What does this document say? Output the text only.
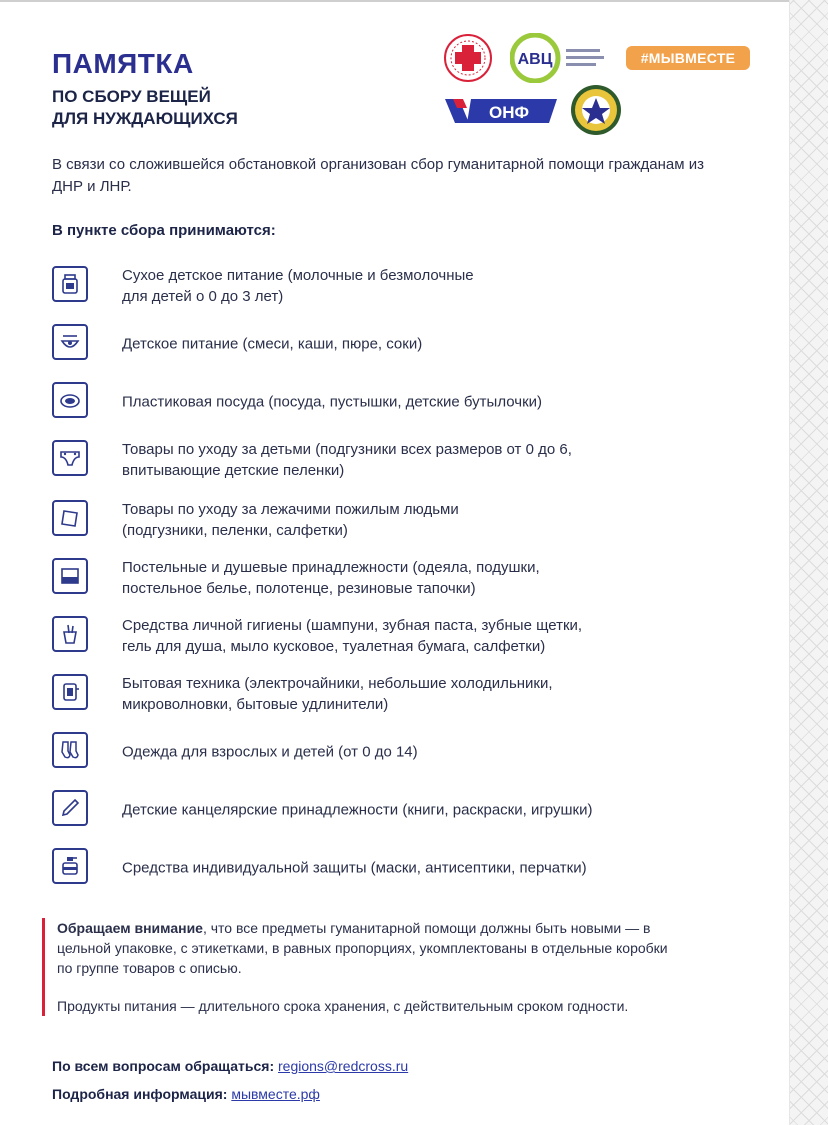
ПАМЯТКА
ПО СБОРУ ВЕЩЕЙ
ДЛЯ НУЖДАЮЩИХСЯ
АВЦ	#МЫВМЕСТЕ
ОНФ

В связи со сложившейся обстановкой организован сбор гуманитарной помощи гражданам из ДНР и ЛНР.

В пункте сбора принимаются:
Сухое детское питание (молочные и безмолочные
для детей о 0 до 3 лет)
Детское питание (смеси, каши, пюре, соки)
Пластиковая посуда (посуда, пустышки, детские бутылочки)
Товары по уходу за детьми (подгузники всех размеров от 0 до 6,
впитывающие детские пеленки)
Товары по уходу за лежачими пожилым людьми
(подгузники, пеленки, салфетки)
Постельные и душевые принадлежности (одеяла, подушки,
постельное белье, полотенце, резиновые тапочки)
Средства личной гигиены (шампуни, зубная паста, зубные щетки,
гель для душа, мыло кусковое, туалетная бумага, салфетки)
Бытовая техника (электрочайники, небольшие холодильники,
микроволновки, бытовые удлинители)
Одежда для взрослых и детей (от 0 до 14)
Детские канцелярские принадлежности (книги, раскраски, игрушки)
Средства индивидуальной защиты (маски, антисептики, перчатки)

Обращаем внимание, что все предметы гуманитарной помощи должны быть новыми — в цельной упаковке, с этикетками, в равных пропорциях, укомплектованы в отдельные коробки по группе товаров с описью.

Продукты питания — длительного срока хранения, с действительным сроком годности.

По всем вопросам обращаться: regions@redcross.ru
Подробная информация: мывместе.рф
